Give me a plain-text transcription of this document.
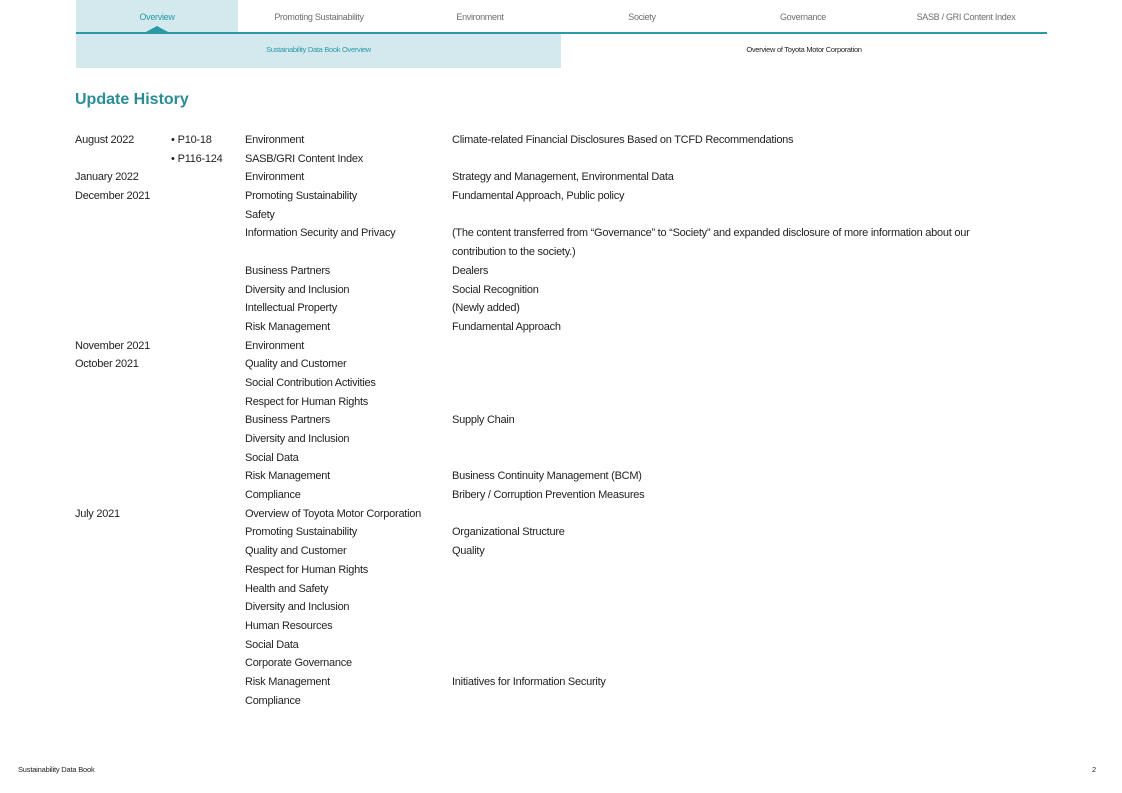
Overview	Promoting Sustainability	Environment	Society	Governance	SASB / GRI Content Index
Sustainability Data Book Overview	Overview of Toyota Motor Corporation
Update History
August 2022
•	P10-18	Environment	Climate-related Financial Disclosures Based on TCFD Recommendations
• P116-124 SASB/GRI Content Index
January 2022	Environment	Strategy and Management, Environmental Data
December 2021	Promoting Sustainability	Fundamental Approach, Public policy
Safety
Information Security and Privacy	(The content transferred from “Governance” to “Society” and expanded disclosure of more information about our contribution to the society.)
Business Partners	Dealers
Diversity and Inclusion	Social Recognition
Intellectual Property	(Newly added)
Risk Management	Fundamental Approach
November 2021	Environment
October 2021	Quality and Customer
Social Contribution Activities
Respect for Human Rights
Business Partners	Supply Chain
Diversity and Inclusion
Social Data
Risk Management	Business Continuity Management (BCM)
Compliance	Bribery / Corruption Prevention Measures
July 2021	Overview of Toyota Motor Corporation
Promoting Sustainability	Organizational Structure
Quality and Customer	Quality
Respect for Human Rights
Health and Safety
Diversity and Inclusion
Human Resources
Social Data
Corporate Governance
Risk Management	Initiatives for Information Security
Compliance
Sustainability Data Book	2
